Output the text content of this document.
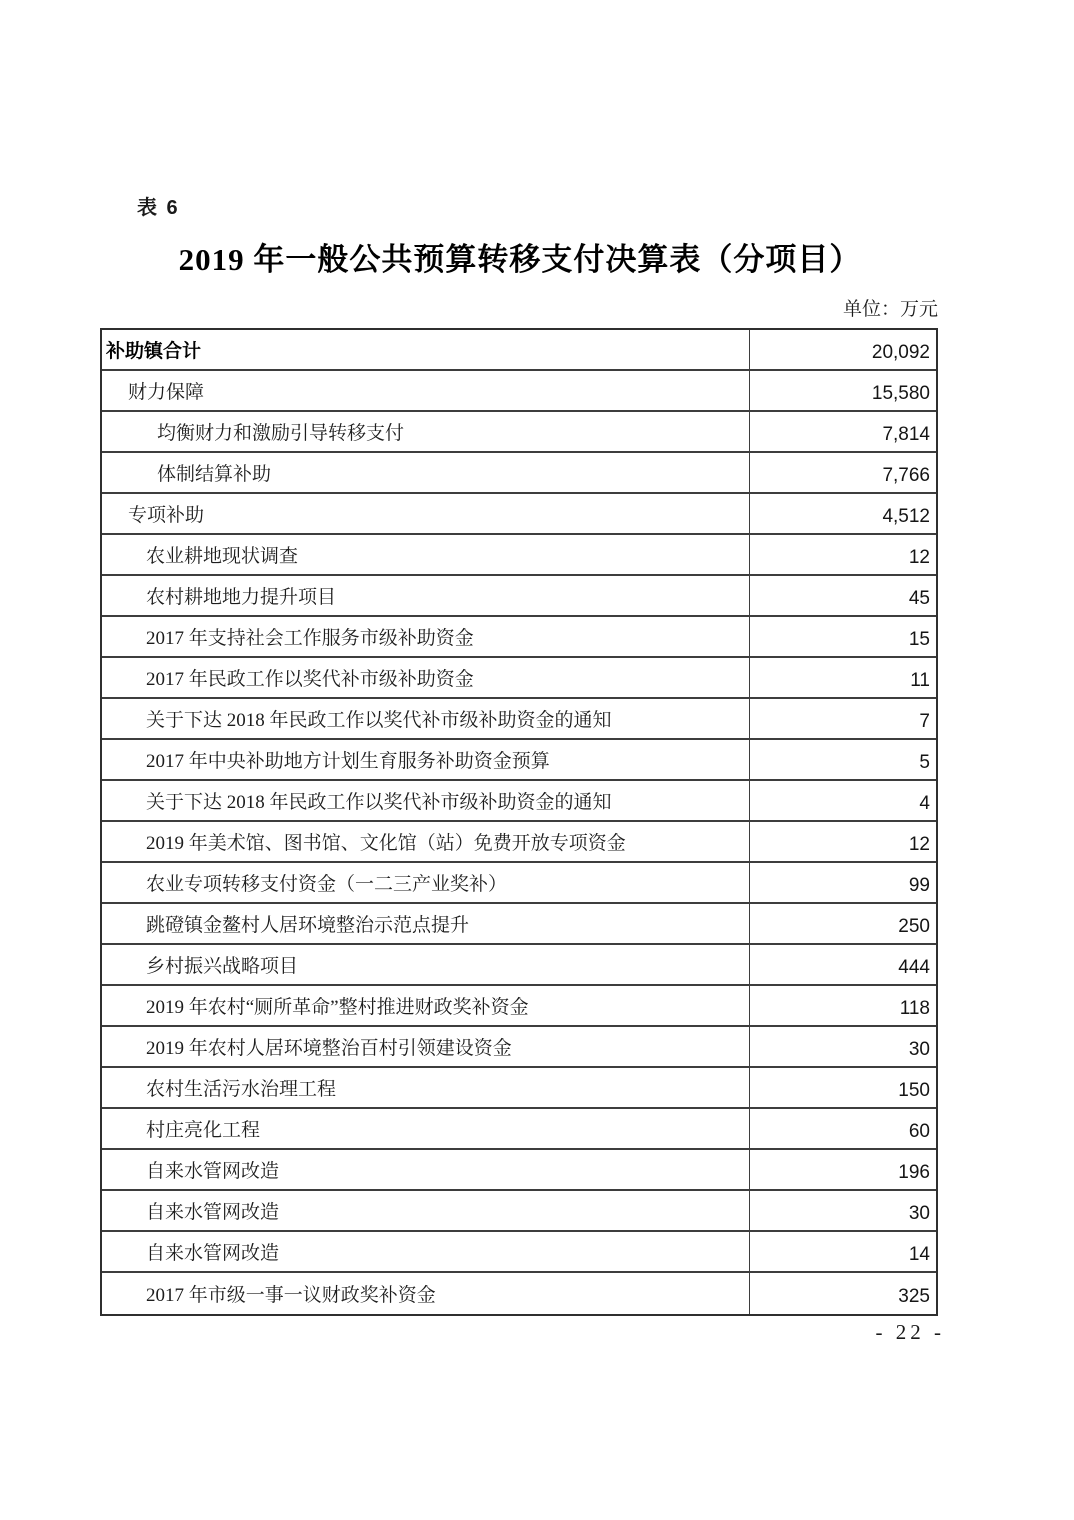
表 6
2019 年一般公共预算转移支付决算表（分项目）
单位：万元
补助镇合计	20,092
财力保障	15,580
均衡财力和激励引导转移支付	7,814
体制结算补助	7,766
专项补助	4,512
农业耕地现状调查	12
农村耕地地力提升项目	45
2017 年支持社会工作服务市级补助资金	15
2017 年民政工作以奖代补市级补助资金	11
关于下达 2018 年民政工作以奖代补市级补助资金的通知	7
2017 年中央补助地方计划生育服务补助资金预算	5
关于下达 2018 年民政工作以奖代补市级补助资金的通知	4
2019 年美术馆、图书馆、文化馆（站）免费开放专项资金	12
农业专项转移支付资金（一二三产业奖补）	99
跳磴镇金鳌村人居环境整治示范点提升	250
乡村振兴战略项目	444
2019 年农村“厕所革命”整村推进财政奖补资金	118
2019 年农村人居环境整治百村引领建设资金	30
农村生活污水治理工程	150
村庄亮化工程	60
自来水管网改造	196
自来水管网改造	30
自来水管网改造	14
2017 年市级一事一议财政奖补资金	325
- 22 -
